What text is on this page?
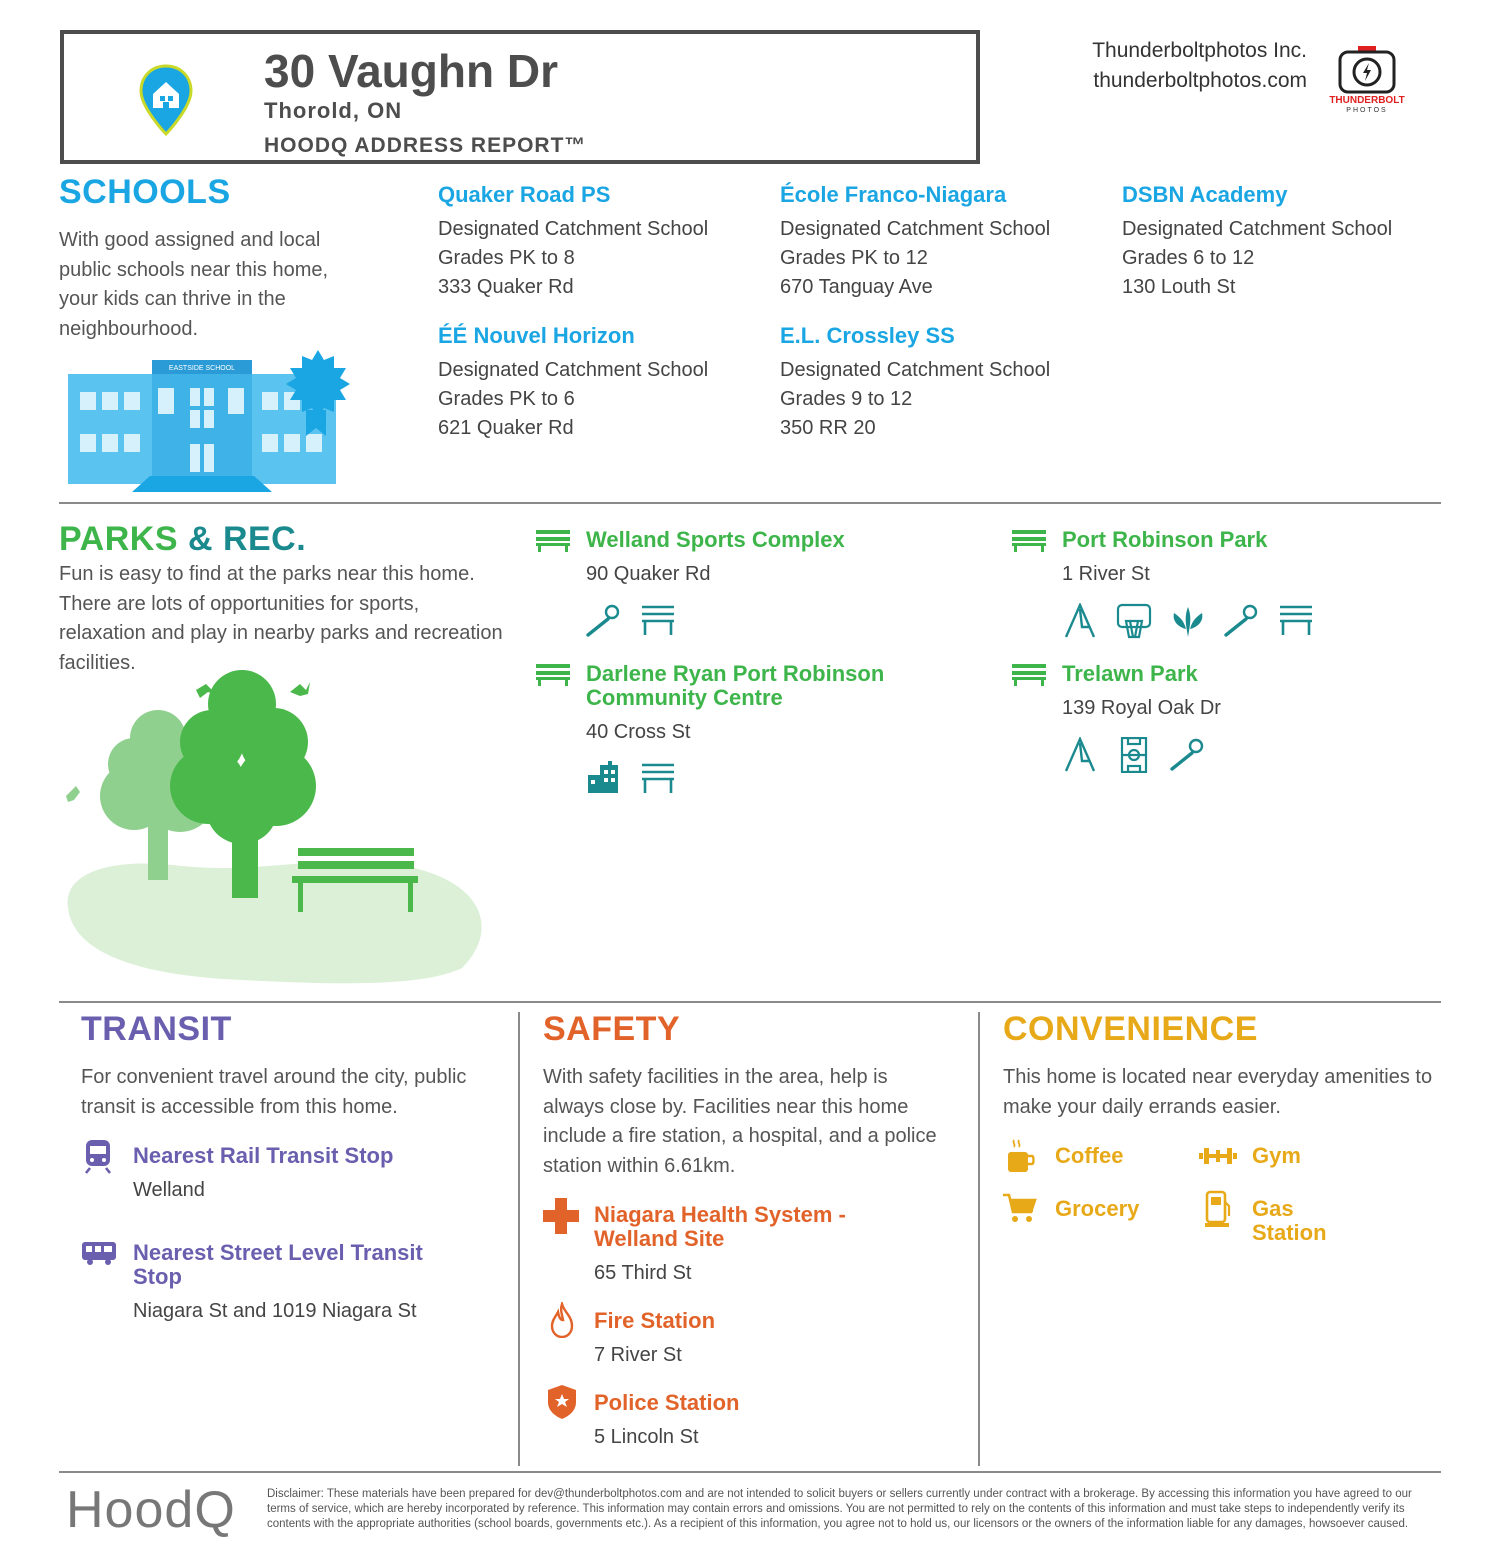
30 Vaughn Dr
Thorold, ON
HOODQ ADDRESS REPORT™
Thunderboltphotos Inc.
thunderboltphotos.com
THUNDERBOLT
PHOTOS
SCHOOLS
With good assigned and local public schools near this home, your kids can thrive in the neighbourhood.
EASTSIDE SCHOOL
Quaker Road PS
Designated Catchment School
Grades PK to 8
333 Quaker Rd
École Franco-Niagara
Designated Catchment School
Grades PK to 12
670 Tanguay Ave
DSBN Academy
Designated Catchment School
Grades 6 to 12
130 Louth St
ÉÉ Nouvel Horizon
Designated Catchment School
Grades PK to 6
621 Quaker Rd
E.L. Crossley SS
Designated Catchment School
Grades 9 to 12
350 RR 20
PARKS & REC.
Fun is easy to find at the parks near this home. There are lots of opportunities for sports, relaxation and play in nearby parks and recreation facilities.
Welland Sports Complex
90 Quaker Rd
Port Robinson Park
1 River St
Darlene Ryan Port Robinson Community Centre
40 Cross St
Trelawn Park
139 Royal Oak Dr
TRANSIT
For convenient travel around the city, public transit is accessible from this home.
Nearest Rail Transit Stop
Welland
Nearest Street Level Transit Stop
Niagara St and 1019 Niagara St
SAFETY
With safety facilities in the area, help is always close by. Facilities near this home include a fire station, a hospital, and a police station within 6.61km.
Niagara Health System - Welland Site
65 Third St
Fire Station
7 River St
Police Station
5 Lincoln St
CONVENIENCE
This home is located near everyday amenities to make your daily errands easier.
Coffee	Gym
Grocery	Gas Station
HoodQ	Disclaimer: These materials have been prepared for dev@thunderboltphotos.com and are not intended to solicit buyers or sellers currently under contract with a brokerage. By accessing this information you have agreed to our terms of service, which are hereby incorporated by reference. This information may contain errors and omissions. You are not permitted to rely on the contents of this information and must take steps to independently verify its contents with the appropriate authorities (school boards, governments etc.). As a recipient of this information, you agree not to hold us, our licensors or the owners of the information liable for any damages, howsoever caused.
